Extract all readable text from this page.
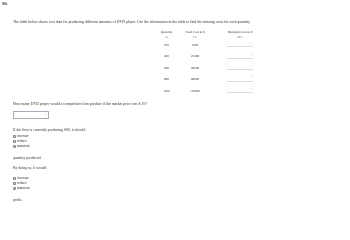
Ms
The table below shows cost data for producing different amounts of DVD player. Use the information in the table to find the missing costs for each quantity.
Quantity	Total Cost in $	Marginal Cost in $
Q	TC	MC
250	7000	?

400	25400	?

600	40000	?

800	98000	?

1100	110000	?
How many DVD player would a competitive firm produce if the market price was $ 10?
?
If the firm is currently producing 600, it should:
increase
reduce
maintain
quantity produced.
By doing so, it would:
increase
reduce
maintain
profit.
